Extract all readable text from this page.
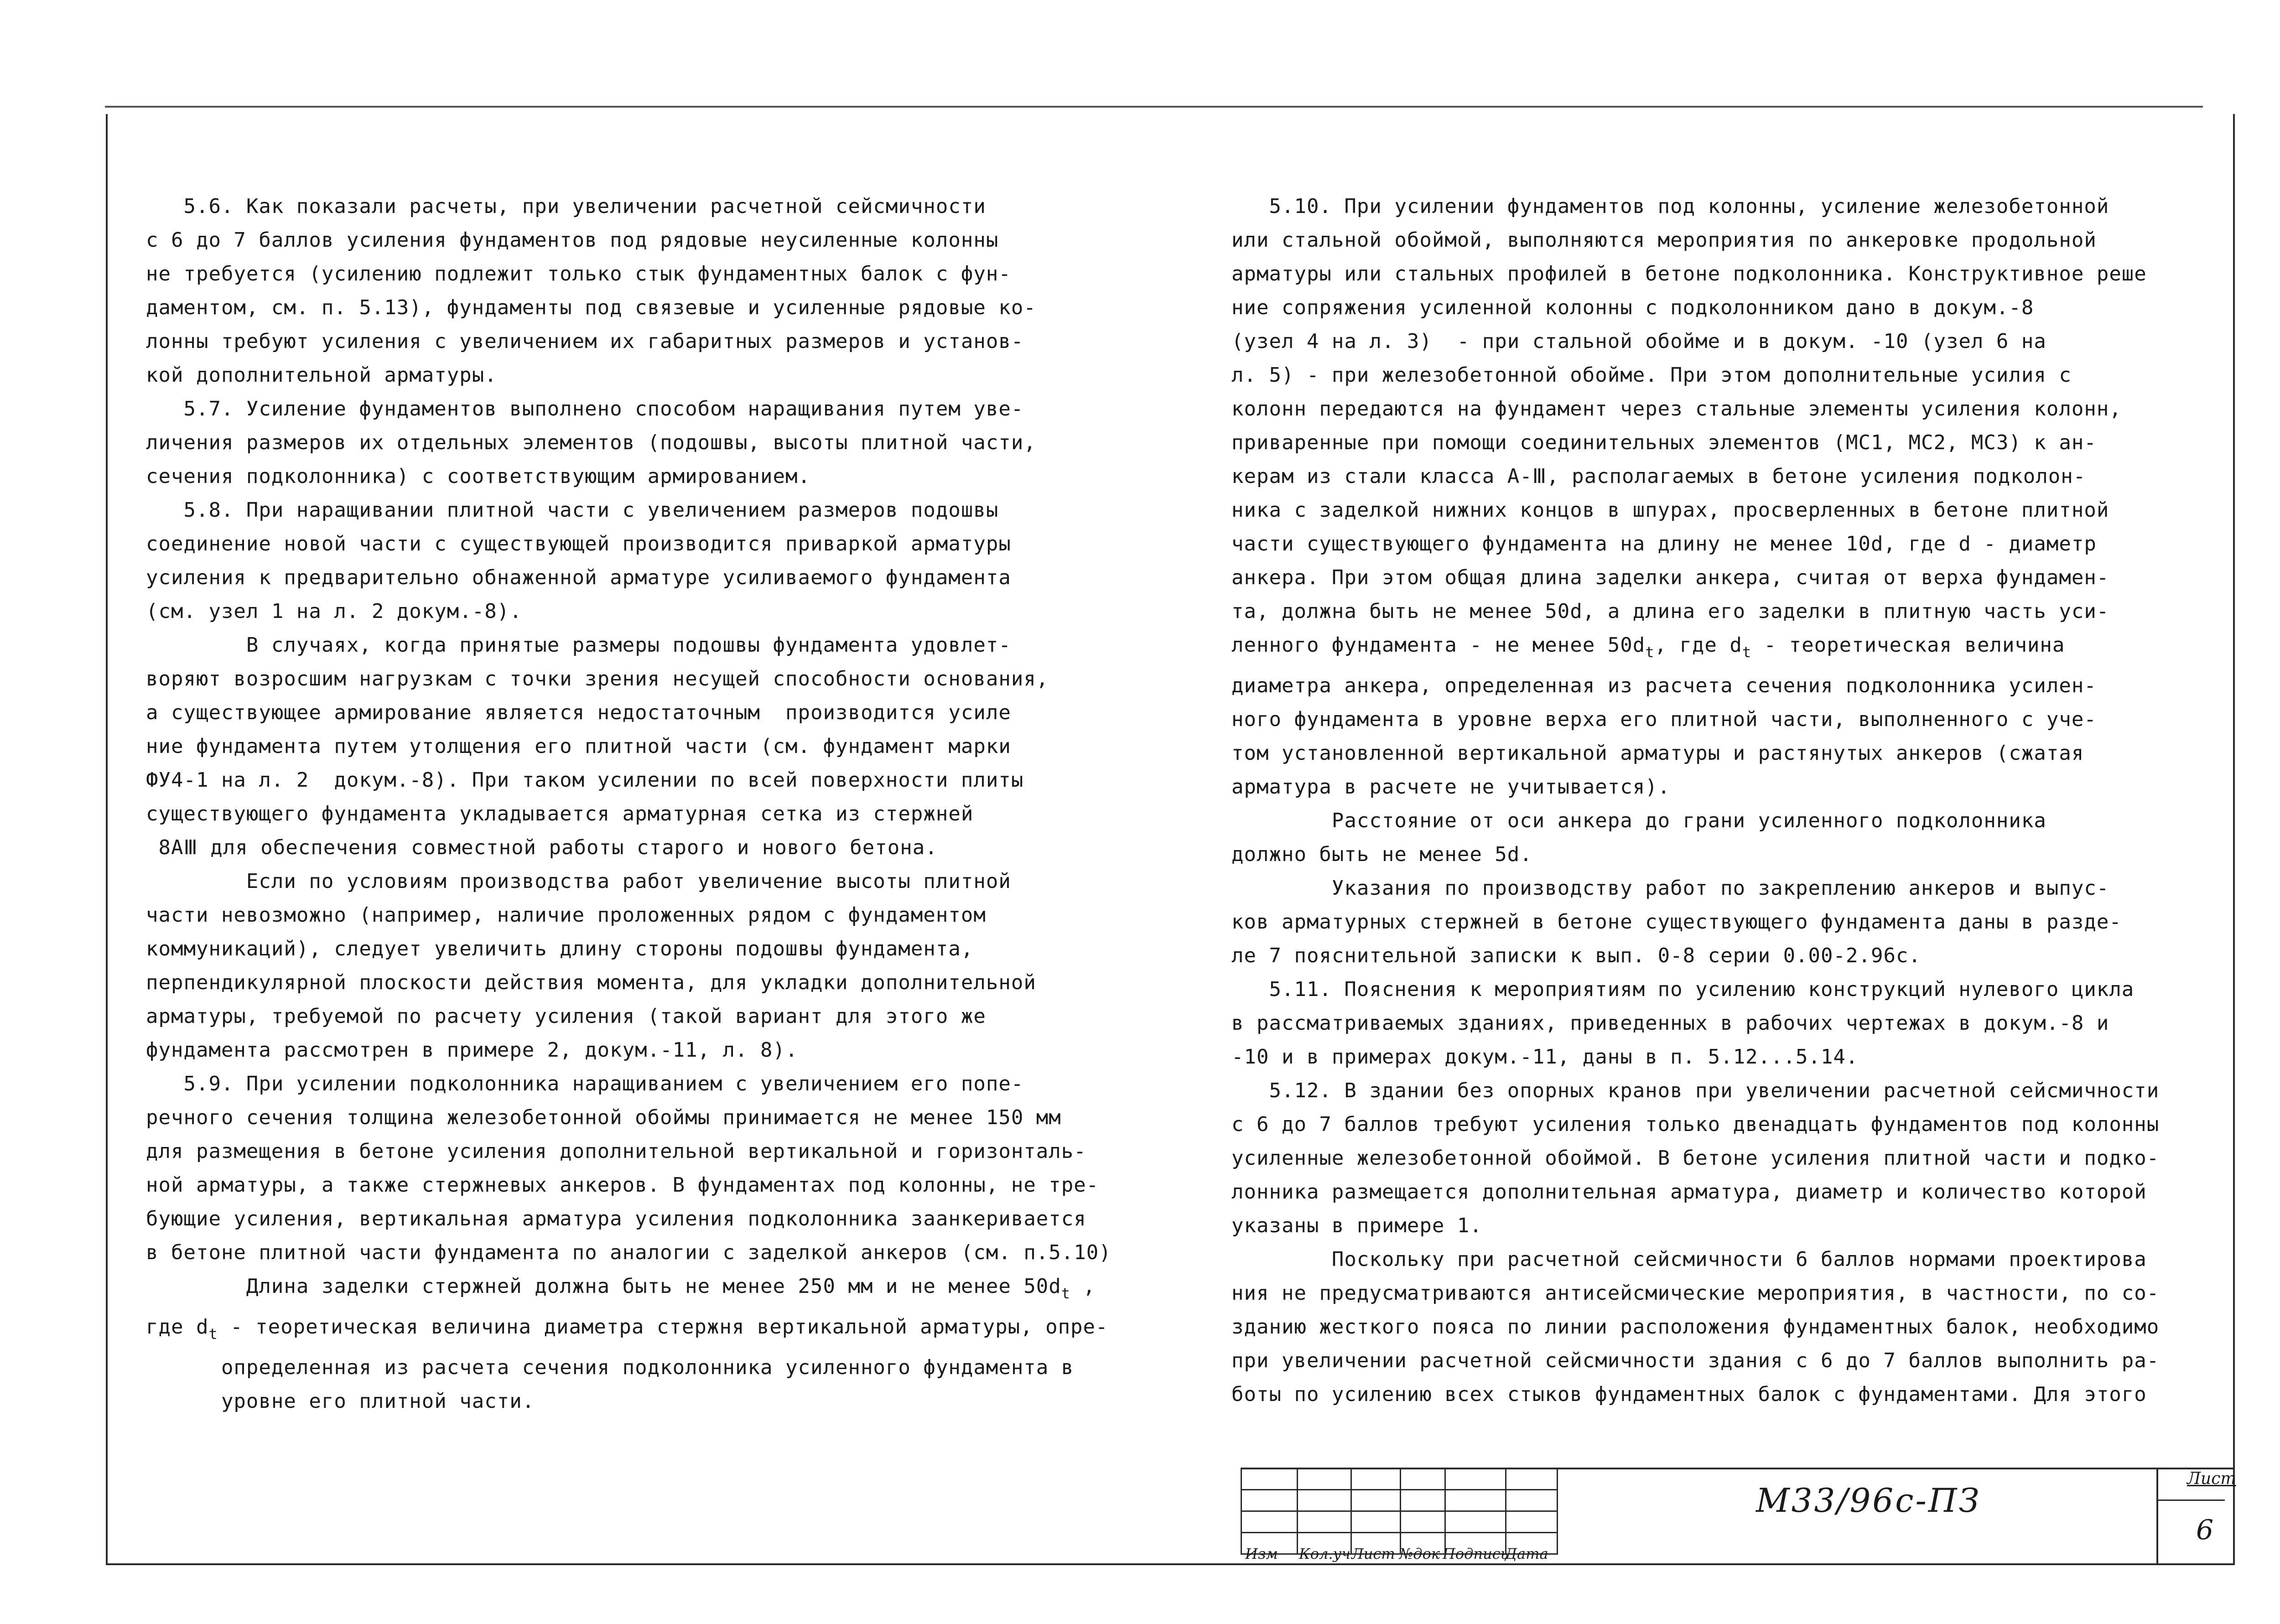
5.6. Как показали расчеты, при увеличении расчетной сейсмичности

с 6 до 7 баллов усиления фундаментов под рядовые неусиленные колонны

не требуется (усилению подлежит только стык фундаментных балок с фун-

даментом, см. п. 5.13), фундаменты под связевые и усиленные рядовые ко-

лонны требуют усиления с увеличением их габаритных размеров и установ-

кой дополнительной арматуры.

5.7. Усиление фундаментов выполнено способом наращивания путем уве-

личения размеров их отдельных элементов (подошвы, высоты плитной части,

сечения подколонника) с соответствующим армированием.

5.8. При наращивании плитной части с увеличением размеров подошвы

соединение новой части с существующей производится приваркой арматуры

усиления к предварительно обнаженной арматуре усиливаемого фундамента

(см. узел 1 на л. 2 докум.-8).

В случаях, когда принятые размеры подошвы фундамента удовлет-

воряют возросшим нагрузкам с точки зрения несущей способности основания,

а существующее армирование является недостаточным  производится усиле

ние фундамента путем утолщения его плитной части (см. фундамент марки

ФУ4-1 на л. 2  докум.-8). При таком усилении по всей поверхности плиты

существующего фундамента укладывается арматурная сетка из стержней

8АⅢ для обеспечения совместной работы старого и нового бетона.

Если по условиям производства работ увеличение высоты плитной

части невозможно (например, наличие проложенных рядом с фундаментом

коммуникаций), следует увеличить длину стороны подошвы фундамента,

перпендикулярной плоскости действия момента, для укладки дополнительной

арматуры, требуемой по расчету усиления (такой вариант для этого же

фундамента рассмотрен в примере 2, докум.-11, л. 8).

5.9. При усилении подколонника наращиванием с увеличением его попе-

речного сечения толщина железобетонной обоймы принимается не менее 150 мм

для размещения в бетоне усиления дополнительной вертикальной и горизонталь-

ной арматуры, а также стержневых анкеров. В фундаментах под колонны, не тре-

бующие усиления, вертикальная арматура усиления подколонника заанкеривается

в бетоне плитной части фундамента по аналогии с заделкой анкеров (см. п.5.10)

Длина заделки стержней должна быть не менее 250 мм и не менее $50d_t$ ,

где $d_t$ - теоретическая величина диаметра стержня вертикальной арматуры, опре-

определенная из расчета сечения подколонника усиленного фундамента в

уровне его плитной части.

5.10. При усилении фундаментов под колонны, усиление железобетонной

или стальной обоймой, выполняются мероприятия по анкеровке продольной

арматуры или стальных профилей в бетоне подколонника. Конструктивное реше

ние сопряжения усиленной колонны с подколонником дано в докум.-8

(узел 4 на л. 3)  - при стальной обойме и в докум. -10 (узел 6 на

л. 5) - при железобетонной обойме. При этом дополнительные усилия с

колонн передаются на фундамент через стальные элементы усиления колонн,

приваренные при помощи соединительных элементов (МС1, МС2, МС3) к ан-

керам из стали класса А-Ⅲ, располагаемых в бетоне усиления подколон-

ника с заделкой нижних концов в шпурах, просверленных в бетоне плитной

части существующего фундамента на длину не менее 10d, где d - диаметр

анкера. При этом общая длина заделки анкера, считая от верха фундамен-

та, должна быть не менее 50d, а длина его заделки в плитную часть уси-

ленного фундамента - не менее $50d_t$, где $d_t$ - теоретическая величина

диаметра анкера, определенная из расчета сечения подколонника усилен-

ного фундамента в уровне верха его плитной части, выполненного с уче-

том установленной вертикальной арматуры и растянутых анкеров (сжатая

арматура в расчете не учитывается).

Расстояние от оси анкера до грани усиленного подколонника

должно быть не менее 5d.

Указания по производству работ по закреплению анкеров и выпус-

ков арматурных стержней в бетоне существующего фундамента даны в разде-

ле 7 пояснительной записки к вып. 0-8 серии 0.00-2.96с.

5.11. Пояснения к мероприятиям по усилению конструкций нулевого цикла

в рассматриваемых зданиях, приведенных в рабочих чертежах в докум.-8 и

-10 и в примерах докум.-11, даны в п. 5.12...5.14.

5.12. В здании без опорных кранов при увеличении расчетной сейсмичности

с 6 до 7 баллов требуют усиления только двенадцать фундаментов под колонны

усиленные железобетонной обоймой. В бетоне усиления плитной части и подко-

лонника размещается дополнительная арматура, диаметр и количество которой

указаны в примере 1.

Поскольку при расчетной сейсмичности 6 баллов нормами проектирова

ния не предусматриваются антисейсмические мероприятия, в частности, по со-

зданию жесткого пояса по линии расположения фундаментных балок, необходимо

при увеличении расчетной сейсмичности здания с 6 до 7 баллов выполнить ра-

боты по усилению всех стыков фундаментных балок с фундаментами. Для этого

Изм Кол.уч Лист №док Подпись
Дата
М33/96с-ПЗ
Лист
6
